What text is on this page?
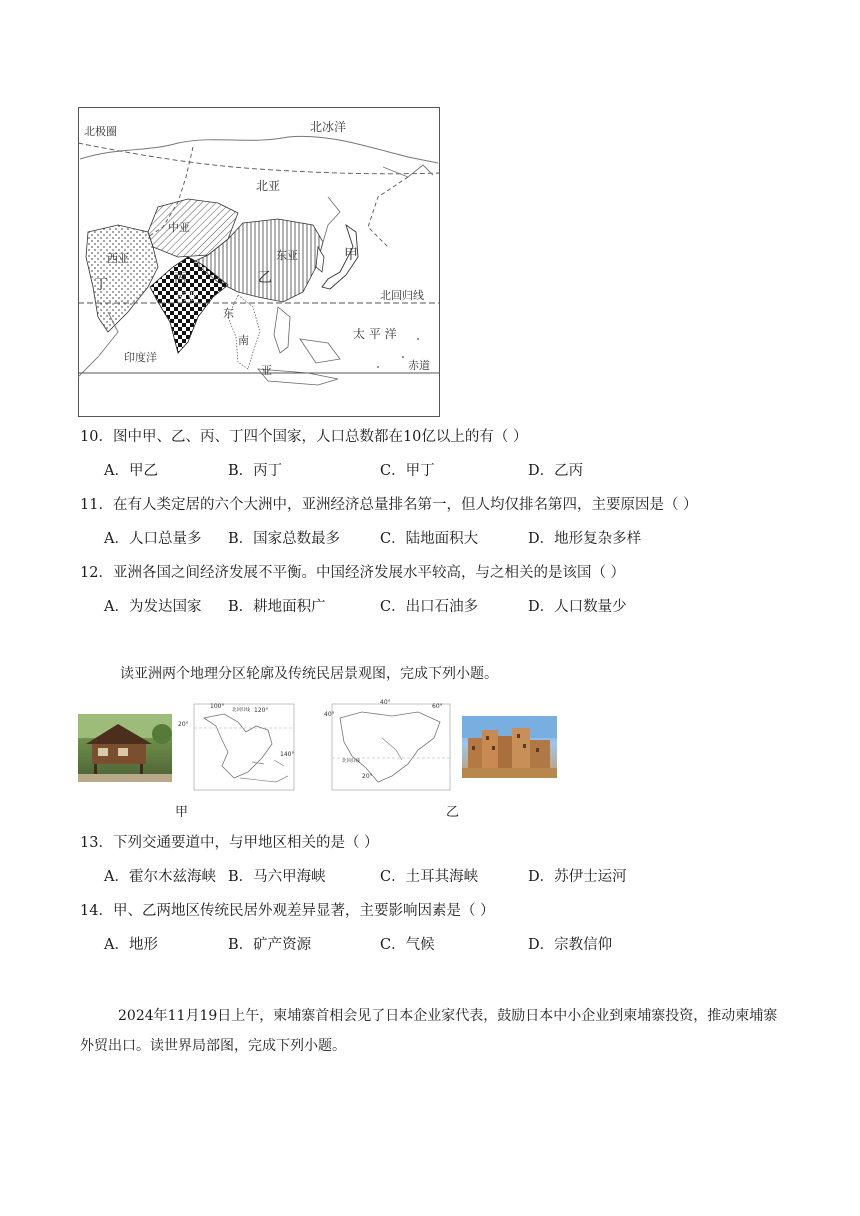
北极圈	北冰洋
北亚
中亚
西亚	东亚
南亚
东
南
亚
甲
乙
丙
丁
北回归线
太 平 洋
印度洋
赤道
10．图中甲、乙、丙、丁四个国家，人口总数都在10亿以上的有（ ）
A．甲乙	B．丙丁	C．甲丁	D．乙丙
11．在有人类定居的六个大洲中，亚洲经济总量排名第一，但人均仅排名第四，主要原因是（ ）
A．人口总量多 B．国家总数最多	C．陆地面积大	D．地形复杂多样
12．亚洲各国之间经济发展不平衡。中国经济发展水平较高，与之相关的是该国（ ）
A．为发达国家 B．耕地面积广	C．出口石油多	D．人口数量少
读亚洲两个地理分区轮廓及传统民居景观图，完成下列小题。
100°
120°
北回归线
20°
140°
40°
60°
40°
北回归线
20°
甲	乙
13．下列交通要道中，与甲地区相关的是（ ）
A．霍尔木兹海峡 B．马六甲海峡	C．土耳其海峡	D．苏伊士运河
14．甲、乙两地区传统民居外观差异显著，主要影响因素是（ ）
A．地形	B．矿产资源	C．气候	D．宗教信仰
2024年11月19日上午，柬埔寨首相会见了日本企业家代表，鼓励日本中小企业到柬埔寨投资，推动柬埔寨外贸出口。读世界局部图，完成下列小题。
